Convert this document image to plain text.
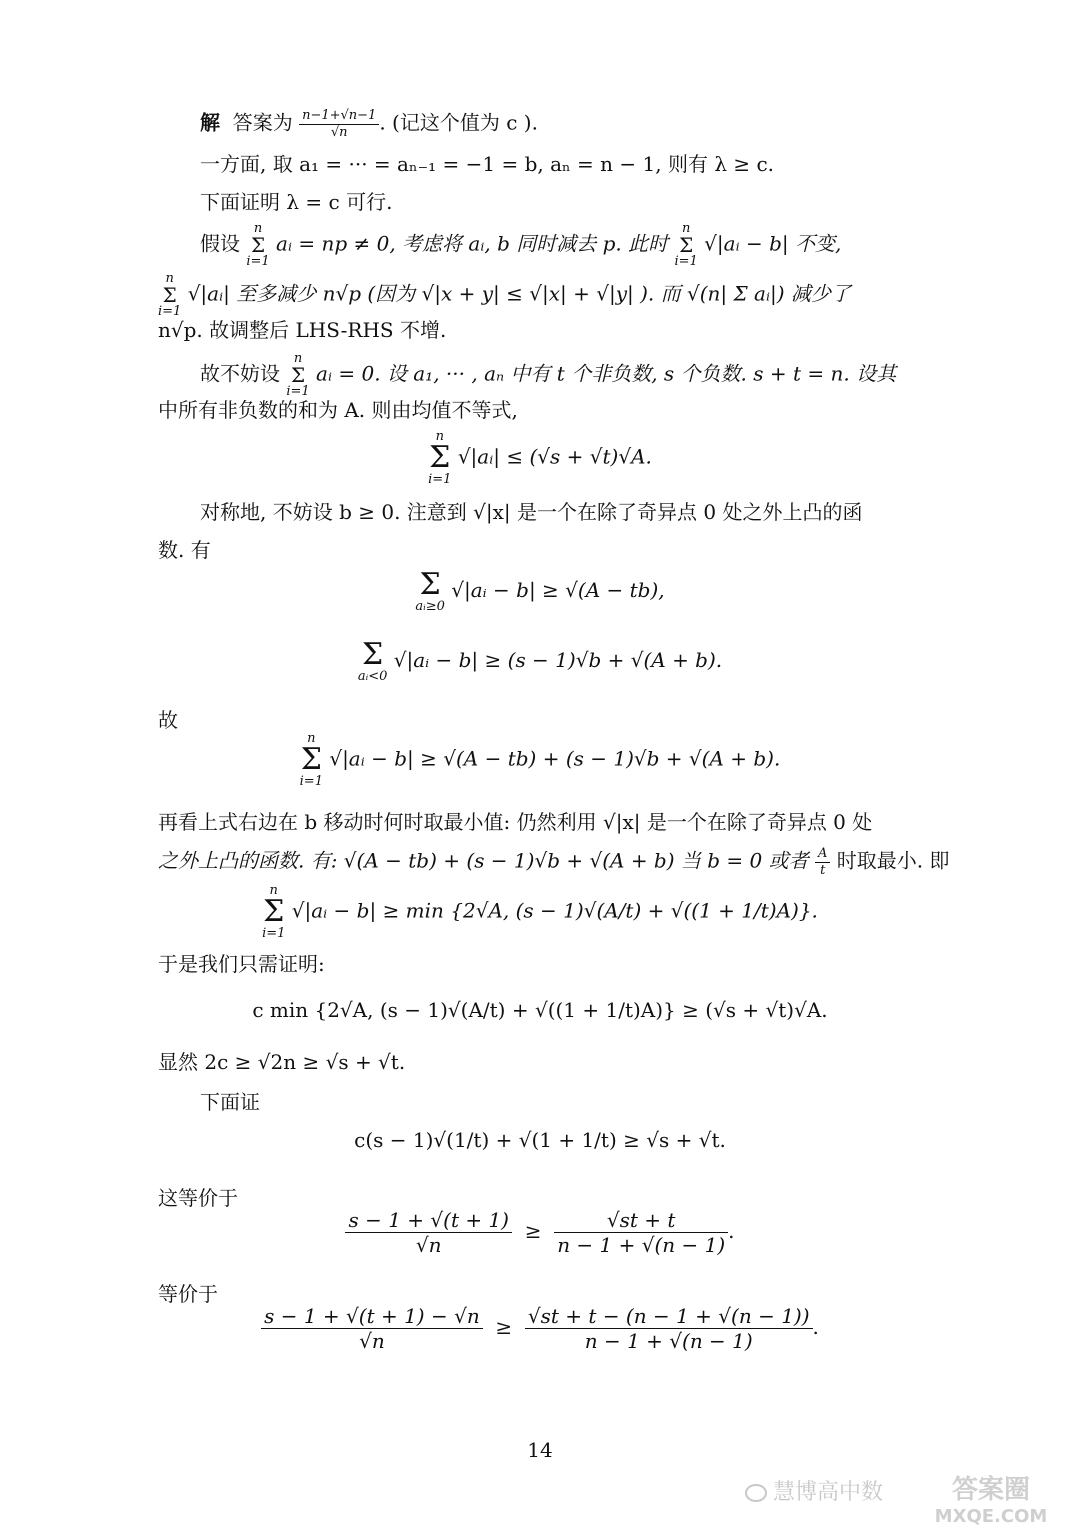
解 答案为 $\frac{n-1+√n-1}{√n}$ . (记这个值为 c ).
一方面, 取 a₁ = ··· = aₙ₋₁ = −1 = b, aₙ = n − 1, 则有 λ ≥ c.
下面证明 λ = c 可行.
假设
n
Σ
i=1
aᵢ = np ≠ 0, 考虑将 aᵢ, b 同时减去 p. 此时
n
Σ
i=1
√|aᵢ − b| 不变,
n
Σ
i=1
√|aᵢ| 至多减少 n√p (因为 √|x + y| ≤ √|x| + √|y| ). 而 √(n| Σ aᵢ|) 减少了
n√p. 故调整后 LHS-RHS 不增.
故不妨设
n
Σ
i=1
aᵢ = 0. 设 a₁, ··· , aₙ 中有 t 个非负数, s 个负数. s + t = n. 设其
中所有非负数的和为 A. 则由均值不等式,
n
Σ
i=1
√|aᵢ| ≤ (√s + √t)√A.
对称地, 不妨设 b ≥ 0. 注意到 √|x| 是一个在除了奇异点 0 处之外上凸的函
数. 有
Σ
aᵢ≥0
√|aᵢ − b| ≥ √(A − tb),
Σ
aᵢ<0
√|aᵢ − b| ≥ (s − 1)√b + √(A + b).
故
n
Σ
i=1
√|aᵢ − b| ≥ √(A − tb) + (s − 1)√b + √(A + b).
再看上式右边在 b 移动时何时取最小值: 仍然利用 √|x| 是一个在除了奇异点 0 处
之外上凸的函数. 有: √(A − tb) + (s − 1)√b + √(A + b) 当 b = 0 或者 $\frac{A}{t}$ 时取最小. 即
n
Σ
i=1
√|aᵢ − b| ≥ min {2√A, (s − 1)√(A/t) + √((1 + 1/t)A)}.
于是我们只需证明:
c min {2√A, (s − 1)√(A/t) + √((1 + 1/t)A)} ≥ (√s + √t)√A.
显然 2c ≥ √2n ≥ √s + √t.
下面证
c(s − 1)√(1/t) + √(1 + 1/t) ≥ √s + √t.
这等价于
$\frac{s - 1 + √(t + 1)}{√n} \ge \frac{√st + t}{n - 1 + √(n - 1)}$ .
等价于
$\frac{s - 1 + √(t + 1) - √n}{√n} \ge \frac{√st + t - (n - 1 + √(n - 1))}{n - 1 + √(n - 1)}$ .
14
慧博高中数	答案圈
MXQE.COM
